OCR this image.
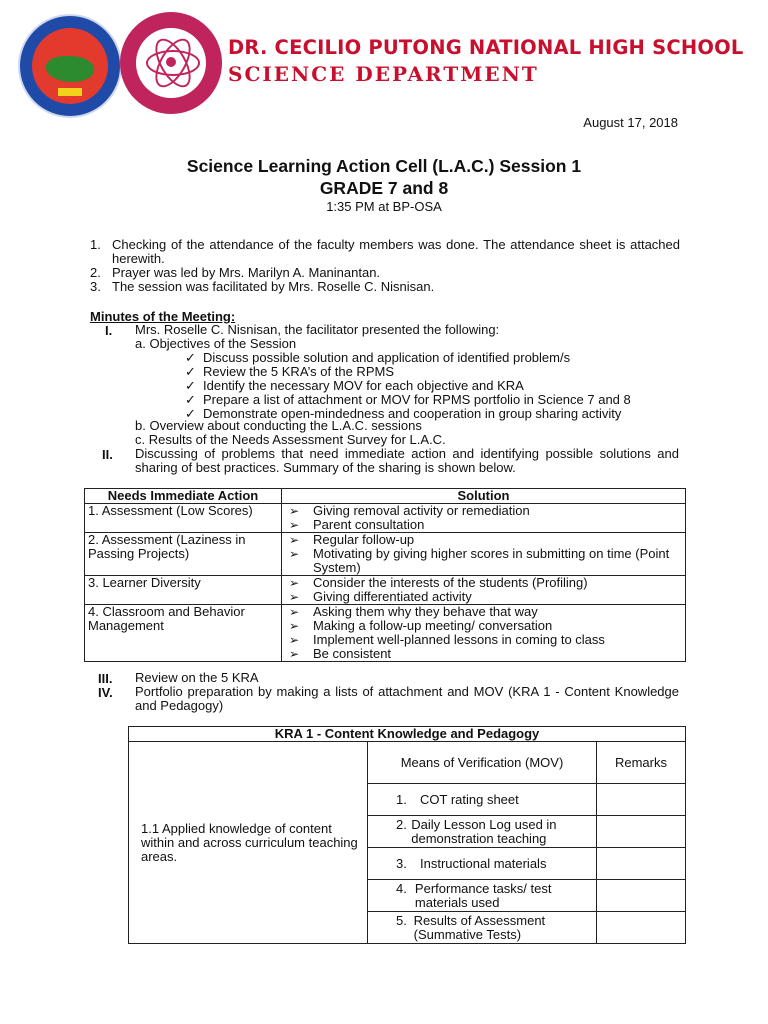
DR. CECILIO PUTONG NATIONAL HIGH SCHOOL
SCIENCE DEPARTMENT
August 17, 2018
Science Learning Action Cell (L.A.C.) Session 1
GRADE 7 and 8
1:35 PM at BP-OSA
1. Checking of the attendance of the faculty members was done. The attendance sheet is attached herewith.
2. Prayer was led by Mrs. Marilyn A. Maninantan.
3. The session was facilitated by Mrs. Roselle C. Nisnisan.
Minutes of the Meeting:
I. Mrs. Roselle C. Nisnisan, the facilitator presented the following:
a. Objectives of the Session
✓ Discuss possible solution and application of identified problem/s
✓ Review the 5 KRA’s of the RPMS
✓ Identify the necessary MOV for each objective and KRA
✓ Prepare a list of attachment or MOV for RPMS portfolio in Science 7 and 8
✓ Demonstrate open-mindedness and cooperation in group sharing activity
b. Overview about conducting the L.A.C. sessions
c. Results of the Needs Assessment Survey for L.A.C.
II. Discussing of problems that need immediate action and identifying possible solutions and sharing of best practices. Summary of the sharing is shown below.
Needs Immediate Action	Solution
1. Assessment (Low Scores)	➢ Giving removal activity or remediation
➢ Parent consultation

2. Assessment (Laziness in Passing Projects)	➢ Regular follow-up
➢ Motivating by giving higher scores in submitting on time (Point System)

3. Learner Diversity	➢ Consider the interests of the students (Profiling)
➢ Giving differentiated activity

4. Classroom and Behavior Management	➢ Asking them why they behave that way
➢ Making a follow-up meeting/ conversation
➢ Implement well-planned lessons in coming to class
➢ Be consistent
III. Review on the 5 KRA
IV. Portfolio preparation by making a lists of attachment and MOV (KRA 1 - Content Knowledge and Pedagogy)
KRA 1 - Content Knowledge and Pedagogy		
1.1 Applied knowledge of content within and across curriculum teaching areas.	Means of Verification (MOV)	Remarks
	1. COT rating sheet	

	2. Daily Lesson Log used in demonstration teaching	

	3. Instructional materials	

	4. Performance tasks/ test materials used	

	5. Results of Assessment (Summative Tests)	
